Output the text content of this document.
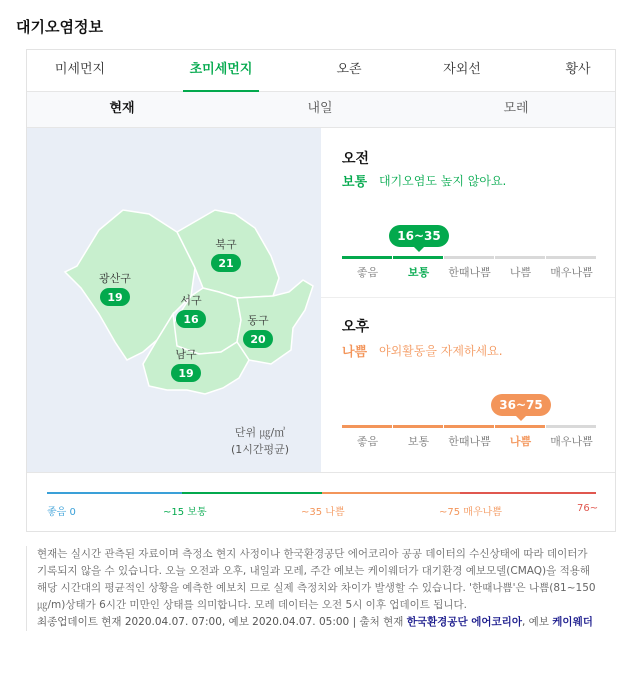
대기오염정보
미세먼지	초미세먼지	오존	자외선	황사
현재	내일	모레
광산구
19
북구
21
서구
16	동구
20
남구
19
단위 ㎍/㎥
(1시간평균)
오전
보통 대기오염도 높지 않아요.
16~35
좋음	보통	한때나쁨	나쁨	매우나쁨
오후
나쁨 야외활동을 자제하세요.
36~75
좋음	보통	한때나쁨	나쁨	매우나쁨
좋음 0	~15 보통	~35 나쁨	~75 매우나쁨	76~
현재는 실시간 관측된 자료이며 측정소 현지 사정이나 한국환경공단 에어코리아 공공 데이터의 수신상태에 따라 데이터가 기록되지 않을 수 있습니다. 오늘 오전과 오후, 내일과 모레, 주간 예보는 케이웨더가 대기환경 예보모델(CMAQ)을 적용해 해당 시간대의 평균적인 상황을 예측한 예보치 므로 실제 측정치와 차이가 발생할 수 있습니다. '한때나쁨'은 나쁨(81~150㎍/m)상태가 6시간 미만인 상태를 의미합니다. 모레 데이터는 오전 5시 이후 업데이트 됩니다.
최종업데이트 현재 2020.04.07. 07:00, 예보 2020.04.07. 05:00 | 출처 현재 한국환경공단 에어코리아, 예보 케이웨더
